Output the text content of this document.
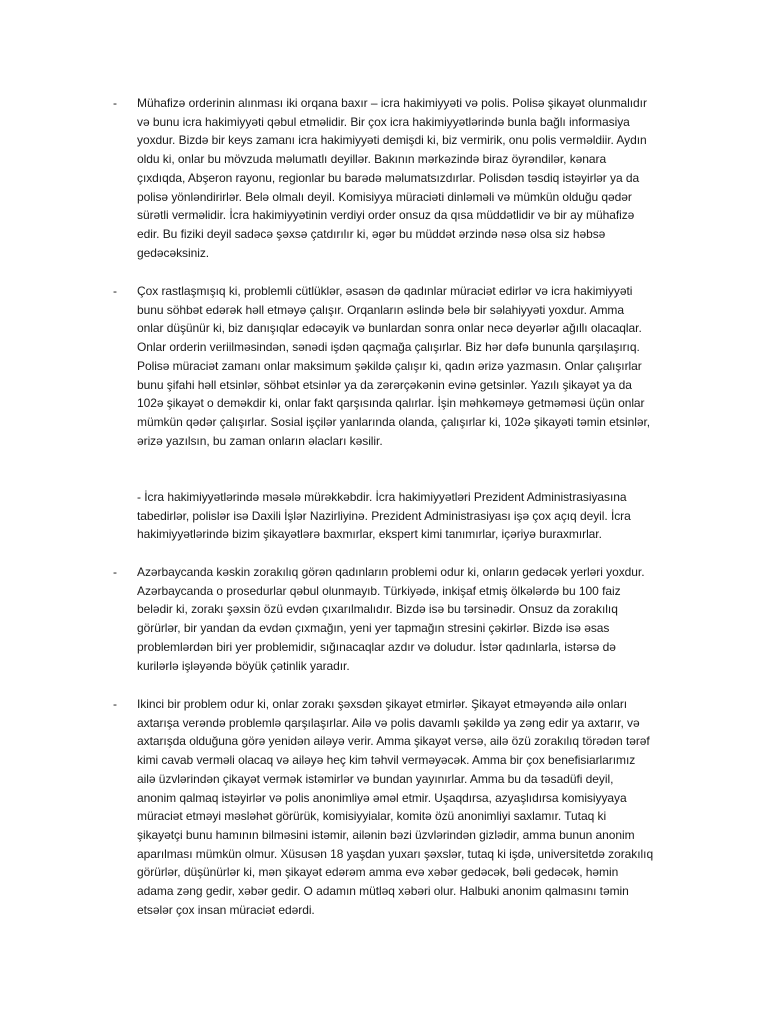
- Mühafizə orderinin alınması iki orqana baxır – icra hakimiyyəti və polis. Polisə şikayət olunmalıdır
və bunu icra hakimiyyəti qəbul etməlidir. Bir çox icra hakimiyyətlərində bunla bağlı informasiya
yoxdur. Bizdə bir keys zamanı icra hakimiyyəti demişdi ki, biz vermirik, onu polis verməldiir. Aydın
oldu ki, onlar bu mövzuda məlumatlı deyillər. Bakının mərkəzində biraz öyrəndilər, kənara
çıxdıqda, Abşeron rayonu, regionlar bu barədə məlumatsızdırlar. Polisdən təsdiq istəyirlər ya da
polisə yönləndirirlər. Belə olmalı deyil. Komisiyya müraciəti dinləməli və mümkün olduğu qədər
sürətli verməlidir. İcra hakimiyyətinin verdiyi order onsuz da qısa müddətlidir və bir ay mühafizə
edir. Bu fiziki deyil sadəcə şəxsə çatdırılır ki, əgər bu müddət ərzində nəsə olsa siz həbsə
gedəcəksiniz.
- Çox rastlaşmışıq ki, problemli cütlüklər, əsasən də qadınlar müraciət edirlər və icra hakimiyyəti
bunu söhbət edərək həll etməyə çalışır. Orqanların əslində belə bir səlahiyyəti yoxdur. Amma
onlar düşünür ki, biz danışıqlar edəcəyik və bunlardan sonra onlar necə deyərlər ağıllı olacaqlar.
Onlar orderin veriilməsindən, sənədi işdən qaçmağa çalışırlar. Biz hər dəfə bununla qarşılaşırıq.
Polisə müraciət zamanı onlar maksimum şəkildə çalışır ki, qadın ərizə yazmasın. Onlar çalışırlar
bunu şifahi həll etsinlər, söhbət etsinlər ya da zərərçəkənin evinə getsinlər. Yazılı şikayət ya da
102ə şikayət o deməkdir ki, onlar fakt qarşısında qalırlar. İşin məhkəməyə getməməsi üçün onlar
mümkün qədər çalışırlar. Sosial işçilər yanlarında olanda, çalışırlar ki, 102ə şikayəti təmin etsinlər,
ərizə yazılsın, bu zaman onların əlacları kəsilir.
- İcra hakimiyyətlərində məsələ mürəkkəbdir. İcra hakimiyyətləri Prezident Administrasiyasına
tabedirlər, polislər isə Daxili İşlər Nazirliyinə. Prezident Administrasiyası işə çox açıq deyil. İcra
hakimiyyətlərində bizim şikayətlərə baxmırlar, ekspert kimi tanımırlar, içəriyə buraxmırlar.
- Azərbaycanda kəskin zorakılıq görən qadınların problemi odur ki, onların gedəcək yerləri yoxdur.
Azərbaycanda o prosedurlar qəbul olunmayıb. Türkiyədə, inkişaf etmiş ölkələrdə bu 100 faiz
belədir ki, zorakı şəxsin özü evdən çıxarılmalıdır. Bizdə isə bu tərsinədir. Onsuz da zorakılıq
görürlər, bir yandan da evdən çıxmağın, yeni yer tapmağın stresini çəkirlər. Bizdə isə əsas
problemlərdən biri yer problemidir, sığınacaqlar azdır və doludur. İstər qadınlarla, istərsə də
kurilərlə işləyəndə böyük çətinlik yaradır.
- Ikinci bir problem odur ki, onlar zorakı şəxsdən şikayət etmirlər. Şikayət etməyəndə ailə onları
axtarışa verəndə problemlə qarşılaşırlar. Ailə və polis davamlı şəkildə ya zəng edir ya axtarır, və
axtarışda olduğuna görə yenidən ailəyə verir. Amma şikayət versə, ailə özü zorakılıq törədən tərəf
kimi cavab verməli olacaq və ailəyə heç kim təhvil verməyəcək. Amma bir çox benefisiarlarımız
ailə üzvlərindən çikayət vermək istəmirlər və bundan yayınırlar. Amma bu da təsadüfi deyil,
anonim qalmaq istəyirlər və polis anonimliyə əməl etmir. Uşaqdırsa, azyaşlıdırsa komisiyyaya
müraciət etməyi məsləhət görürük, komisiyyialar, komitə özü anonimliyi saxlamır. Tutaq ki
şikayətçi bunu hamının bilməsini istəmir, ailənin bəzi üzvlərindən gizlədir, amma bunun anonim
aparılması mümkün olmur. Xüsusən 18 yaşdan yuxarı şəxslər, tutaq ki işdə, universitetdə zorakılıq
görürlər, düşünürlər ki, mən şikayət edərəm amma evə xəbər gedəcək, bəli gedəcək, həmin
adama zəng gedir, xəbər gedir. O adamın mütləq xəbəri olur. Halbuki anonim qalmasını təmin
etsələr çox insan müraciət edərdi.
